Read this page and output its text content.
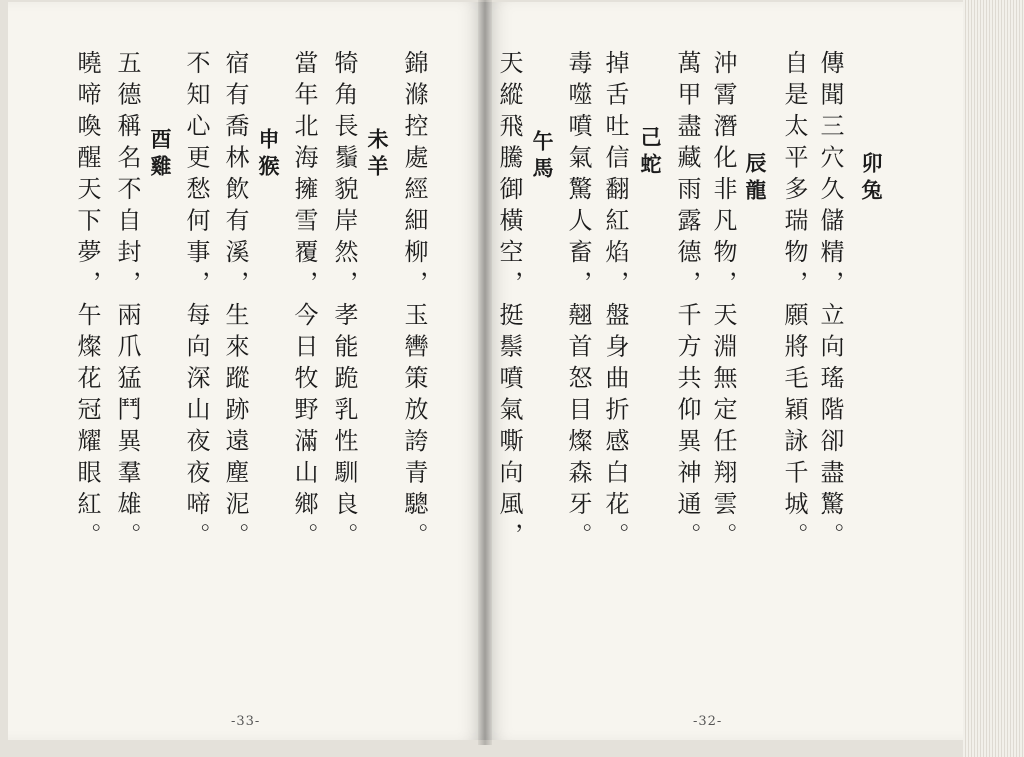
錦滌控處經細柳，玉轡策放誇青驄。
未羊
犄角長鬚貌岸然，孝能跪乳性馴良。
當年北海擁雪覆，今日牧野滿山鄉。
申猴
宿有喬林飲有溪，生來蹤跡遠塵泥。
不知心更愁何事，每向深山夜夜啼。
酉雞
五德稱名不自封，兩爪猛鬥異羣雄。
曉啼喚醒天下夢，午燦花冠耀眼紅。
-33-
卯兔
傳聞三穴久儲精，立向瑤階卻盡驚。
自是太平多瑞物，願將毛穎詠千城。
辰龍
沖霄潛化非凡物，天淵無定任翔雲。
萬甲盡藏雨露德，千方共仰異神通。
己蛇
掉舌吐信翻紅焰，盤身曲折感白花。
毒噬噴氣驚人畜，翹首怒目燦森牙。
午馬
天縱飛騰御橫空，挺鬃噴氣嘶向風，
-32-
